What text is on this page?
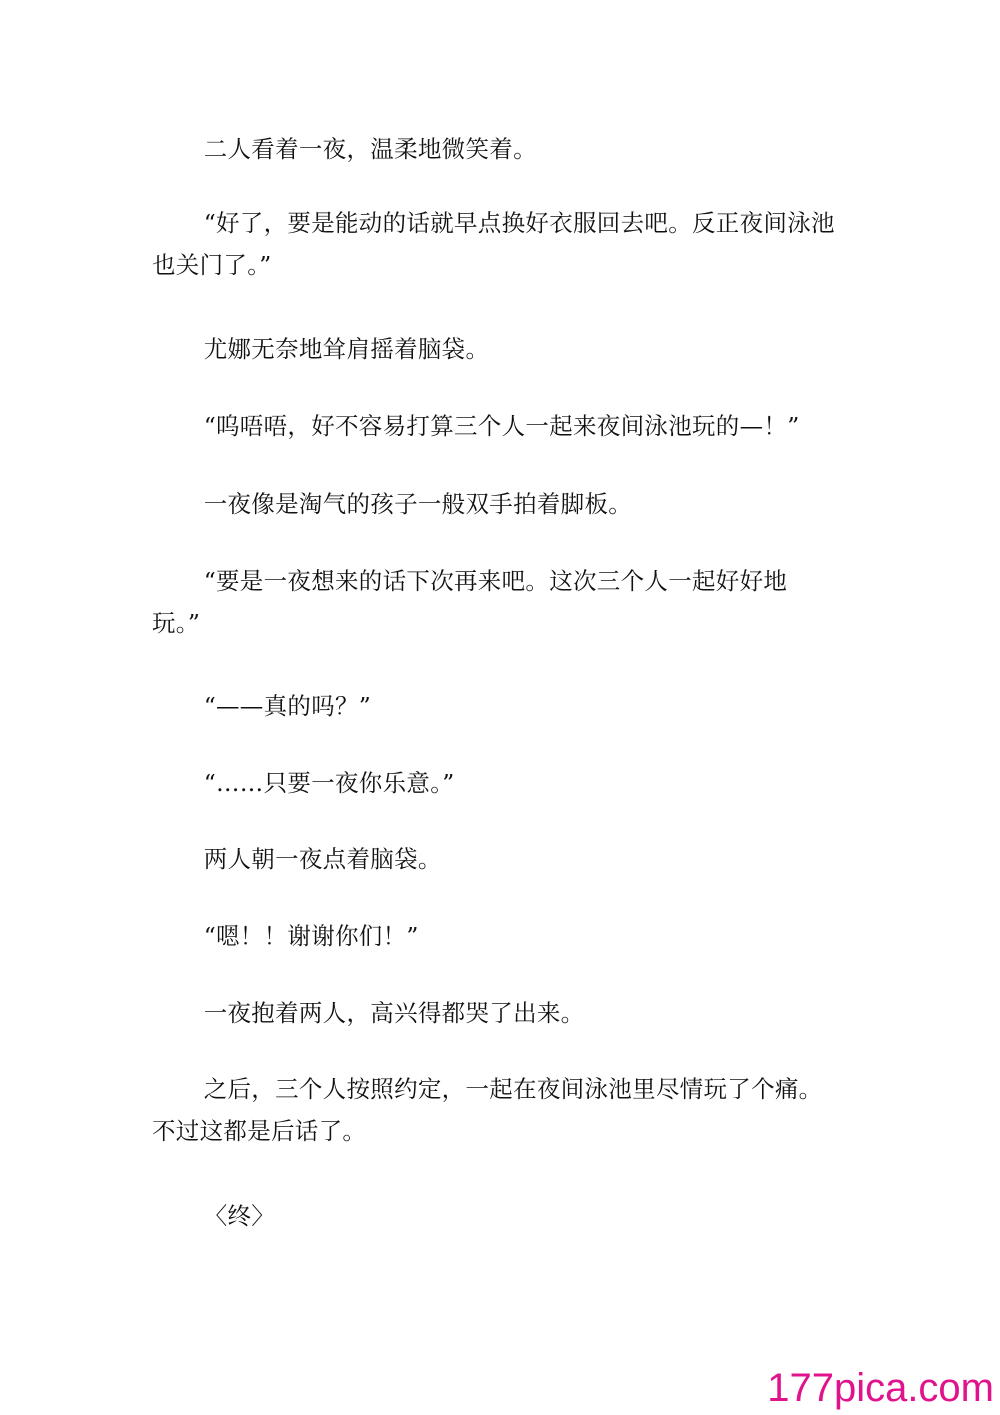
二人看着一夜，温柔地微笑着。

“好了，要是能动的话就早点换好衣服回去吧。反正夜间泳池也关门了。”

尤娜无奈地耸肩摇着脑袋。

“呜唔唔，好不容易打算三个人一起来夜间泳池玩的—！”

一夜像是淘气的孩子一般双手拍着脚板。

“要是一夜想来的话下次再来吧。这次三个人一起好好地
玩。”

“——真的吗？”

“……只要一夜你乐意。”

两人朝一夜点着脑袋。

“嗯！！谢谢你们！”

一夜抱着两人，高兴得都哭了出来。

之后，三个人按照约定，一起在夜间泳池里尽情玩了个痛。不过这都是后话了。

〈终〉

177pica.com
